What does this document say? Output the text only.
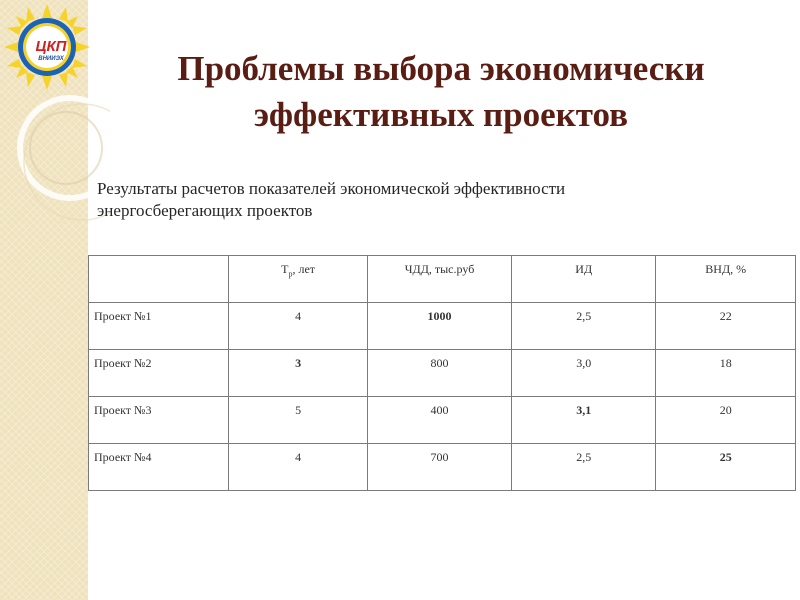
ЦКП
ВНИИЭХ	Проблемы выбора экономически эффективных проектов
Результаты расчетов показателей экономической эффективности энергосберегающих проектов
	$Т_р$, лет	ЧДД, тыс.руб	ИД	ВНД, %
Проект №1	4	1000	2,5	22
Проект №2	3	800	3,0	18
Проект №3	5	400	3,1	20
Проект №4	4	700	2,5	25
